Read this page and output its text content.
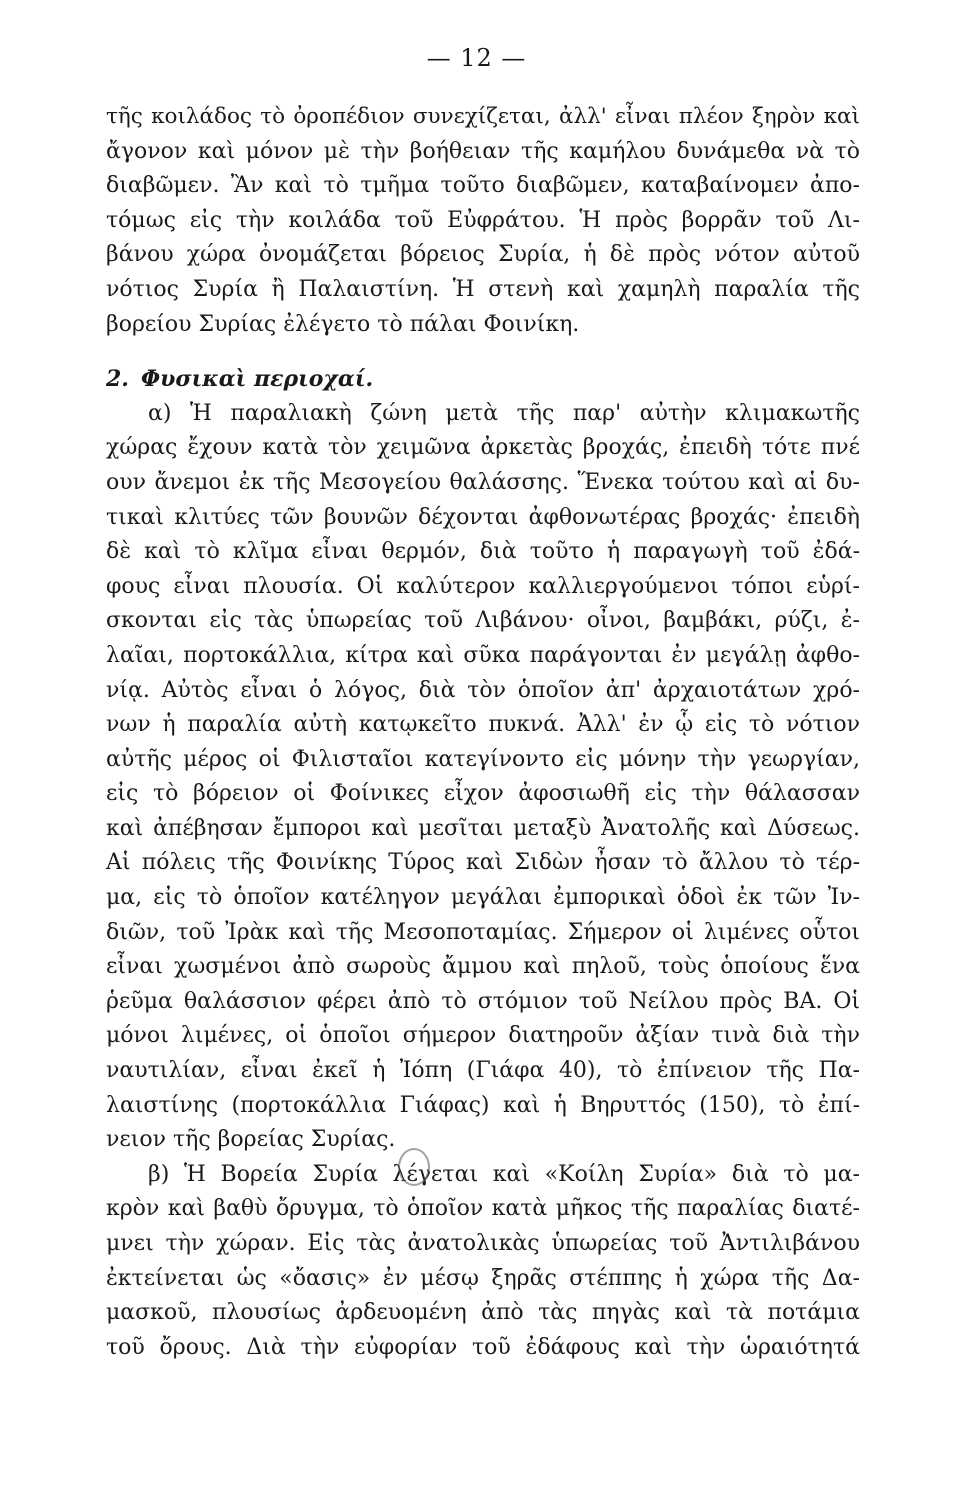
— 12 —
τῆς κοιλάδος τὸ ὀροπέδιον συνεχίζεται, ἀλλ' εἶναι πλέον ξηρὸν καὶ
ἄγονον καὶ μόνον μὲ τὴν βοήθειαν τῆς καμήλου δυνάμεθα νὰ τὸ
διαβῶμεν. Ἂν καὶ τὸ τμῆμα τοῦτο διαβῶμεν, καταβαίνομεν ἀπο-
τόμως εἰς τὴν κοιλάδα τοῦ Εὐφράτου. Ἡ πρὸς βορρᾶν τοῦ Λι-
βάνου χώρα ὀνομάζεται βόρειος Συρία, ἡ δὲ πρὸς νότον αὐτοῦ
νότιος Συρία ἢ Παλαιστίνη. Ἡ στενὴ καὶ χαμηλὴ παραλία τῆς
βορείου Συρίας ἐλέγετο τὸ πάλαι Φοινίκη.
2. Φυσικαὶ περιοχαί.
α) Ἡ παραλιακὴ ζώνη μετὰ τῆς παρ' αὐτὴν κλιμακωτῆς
χώρας ἔχουν κατὰ τὸν χειμῶνα ἀρκετὰς βροχάς, ἐπειδὴ τότε πνέ
ουν ἄνεμοι ἐκ τῆς Μεσογείου θαλάσσης. Ἕνεκα τούτου καὶ αἱ δυ-
τικαὶ κλιτύες τῶν βουνῶν δέχονται ἀφθονωτέρας βροχάς· ἐπειδὴ
δὲ καὶ τὸ κλῖμα εἶναι θερμόν, διὰ τοῦτο ἡ παραγωγὴ τοῦ ἐδά-
φους εἶναι πλουσία. Οἱ καλύτερον καλλιεργούμενοι τόποι εὑρί-
σκονται εἰς τὰς ὑπωρείας τοῦ Λιβάνου· οἶνοι, βαμβάκι, ρύζι, ἐ-
λαῖαι, πορτοκάλλια, κίτρα καὶ σῦκα παράγονται ἐν μεγάλῃ ἀφθο-
νίᾳ. Αὐτὸς εἶναι ὁ λόγος, διὰ τὸν ὁποῖον ἀπ' ἀρχαιοτάτων χρό-
νων ἡ παραλία αὐτὴ κατῳκεῖτο πυκνά. Ἀλλ' ἐν ᾧ εἰς τὸ νότιον
αὐτῆς μέρος οἱ Φιλισταῖοι κατεγίνοντο εἰς μόνην τὴν γεωργίαν,
εἰς τὸ βόρειον οἱ Φοίνικες εἶχον ἀφοσιωθῆ εἰς τὴν θάλασσαν
καὶ ἀπέβησαν ἔμποροι καὶ μεσῖται μεταξὺ Ἀνατολῆς καὶ Δύσεως.
Αἱ πόλεις τῆς Φοινίκης Τύρος καὶ Σιδὼν ἦσαν τὸ ἄλλου τὸ τέρ-
μα, εἰς τὸ ὁποῖον κατέληγον μεγάλαι ἐμπορικαὶ ὁδοὶ ἐκ τῶν Ἰν-
διῶν, τοῦ Ἰρὰκ καὶ τῆς Μεσοποταμίας. Σήμερον οἱ λιμένες οὗτοι
εἶναι χωσμένοι ἀπὸ σωροὺς ἄμμου καὶ πηλοῦ, τοὺς ὁποίους ἕνα
ῥεῦμα θαλάσσιον φέρει ἀπὸ τὸ στόμιον τοῦ Νείλου πρὸς ΒΑ. Οἱ
μόνοι λιμένες, οἱ ὁποῖοι σήμερον διατηροῦν ἀξίαν τινὰ διὰ τὴν
ναυτιλίαν, εἶναι ἐκεῖ ἡ Ἰόπη (Γιάφα 40), τὸ ἐπίνειον τῆς Πα-
λαιστίνης (πορτοκάλλια Γιάφας) καὶ ἡ Βηρυττός (150), τὸ ἐπί-
νειον τῆς βορείας Συρίας.
β) Ἡ Βορεία Συρία λέγεται καὶ «Κοίλη Συρία» διὰ τὸ μα-
κρὸν καὶ βαθὺ ὄρυγμα, τὸ ὁποῖον κατὰ μῆκος τῆς παραλίας διατέ-
μνει τὴν χώραν. Εἰς τὰς ἀνατολικὰς ὑπωρείας τοῦ Ἀντιλιβάνου
ἐκτείνεται ὡς «ὄασις» ἐν μέσῳ ξηρᾶς στέππης ἡ χώρα τῆς Δα-
μασκοῦ, πλουσίως ἀρδευομένη ἀπὸ τὰς πηγὰς καὶ τὰ ποτάμια
τοῦ ὄρους. Διὰ τὴν εὐφορίαν τοῦ ἐδάφους καὶ τὴν ὡραιότητά
